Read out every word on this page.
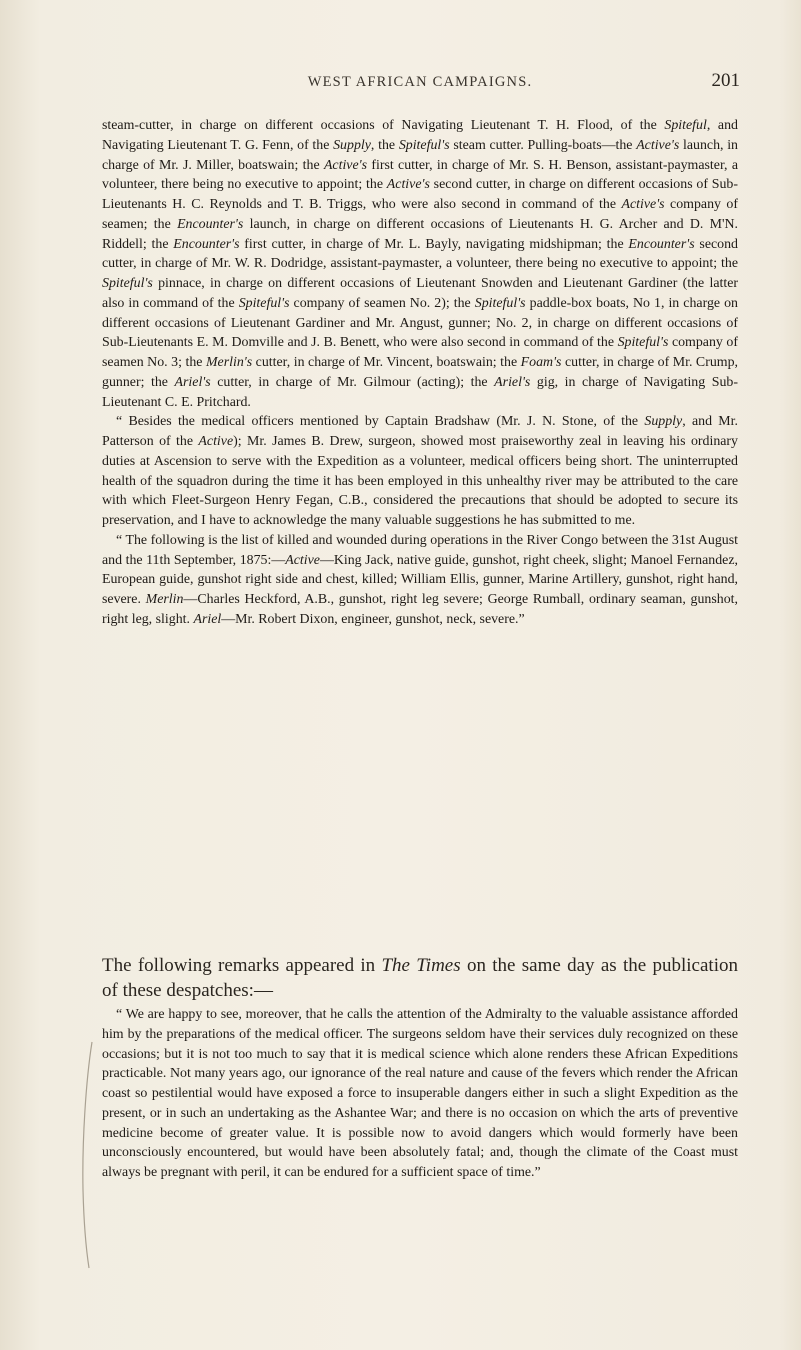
WEST AFRICAN CAMPAIGNS.	201

steam-cutter, in charge on different occasions of Navigating Lieutenant T. H. Flood, of the Spiteful, and Navigating Lieutenant T. G. Fenn, of the Supply, the Spiteful's steam cutter. Pulling-boats—the Active's launch, in charge of Mr. J. Miller, boatswain; the Active's first cutter, in charge of Mr. S. H. Benson, assistant-paymaster, a volunteer, there being no executive to appoint; the Active's second cutter, in charge on different occasions of Sub-Lieutenants H. C. Reynolds and T. B. Triggs, who were also second in command of the Active's company of seamen; the Encounter's launch, in charge on different occasions of Lieutenants H. G. Archer and D. M'N. Riddell; the Encounter's first cutter, in charge of Mr. L. Bayly, navigating midshipman; the Encounter's second cutter, in charge of Mr. W. R. Dodridge, assistant-paymaster, a volunteer, there being no executive to appoint; the Spiteful's pinnace, in charge on different occasions of Lieutenant Snowden and Lieutenant Gardiner (the latter also in command of the Spiteful's company of seamen No. 2); the Spiteful's paddle-box boats, No 1, in charge on different occasions of Lieutenant Gardiner and Mr. Angust, gunner; No. 2, in charge on different occasions of Sub-Lieutenants E. M. Domville and J. B. Benett, who were also second in command of the Spiteful's company of seamen No. 3; the Merlin's cutter, in charge of Mr. Vincent, boatswain; the Foam's cutter, in charge of Mr. Crump, gunner; the Ariel's cutter, in charge of Mr. Gilmour (acting); the Ariel's gig, in charge of Navigating Sub-Lieutenant C. E. Pritchard.

“ Besides the medical officers mentioned by Captain Bradshaw (Mr. J. N. Stone, of the Supply, and Mr. Patterson of the Active); Mr. James B. Drew, surgeon, showed most praiseworthy zeal in leaving his ordinary duties at Ascension to serve with the Expedition as a volunteer, medical officers being short. The uninterrupted health of the squadron during the time it has been employed in this unhealthy river may be attributed to the care with which Fleet-Surgeon Henry Fegan, C.B., considered the precautions that should be adopted to secure its preservation, and I have to acknowledge the many valuable suggestions he has submitted to me.

“ The following is the list of killed and wounded during operations in the River Congo between the 31st August and the 11th September, 1875:—Active—King Jack, native guide, gunshot, right cheek, slight; Manoel Fernandez, European guide, gunshot right side and chest, killed; William Ellis, gunner, Marine Artillery, gunshot, right hand, severe. Merlin—Charles Heckford, A.B., gunshot, right leg severe; George Rumball, ordinary seaman, gunshot, right leg, slight. Ariel—Mr. Robert Dixon, engineer, gunshot, neck, severe.”

The following remarks appeared in The Times on the same day as the publication of these despatches:—

“ We are happy to see, moreover, that he calls the attention of the Admiralty to the valuable assistance afforded him by the preparations of the medical officer. The surgeons seldom have their services duly recognized on these occasions; but it is not too much to say that it is medical science which alone renders these African Expeditions practicable. Not many years ago, our ignorance of the real nature and cause of the fevers which render the African coast so pestilential would have exposed a force to insuperable dangers either in such a slight Expedition as the present, or in such an undertaking as the Ashantee War; and there is no occasion on which the arts of preventive medicine become of greater value. It is possible now to avoid dangers which would formerly have been unconsciously encountered, but would have been absolutely fatal; and, though the climate of the Coast must always be pregnant with peril, it can be endured for a sufficient space of time.”
